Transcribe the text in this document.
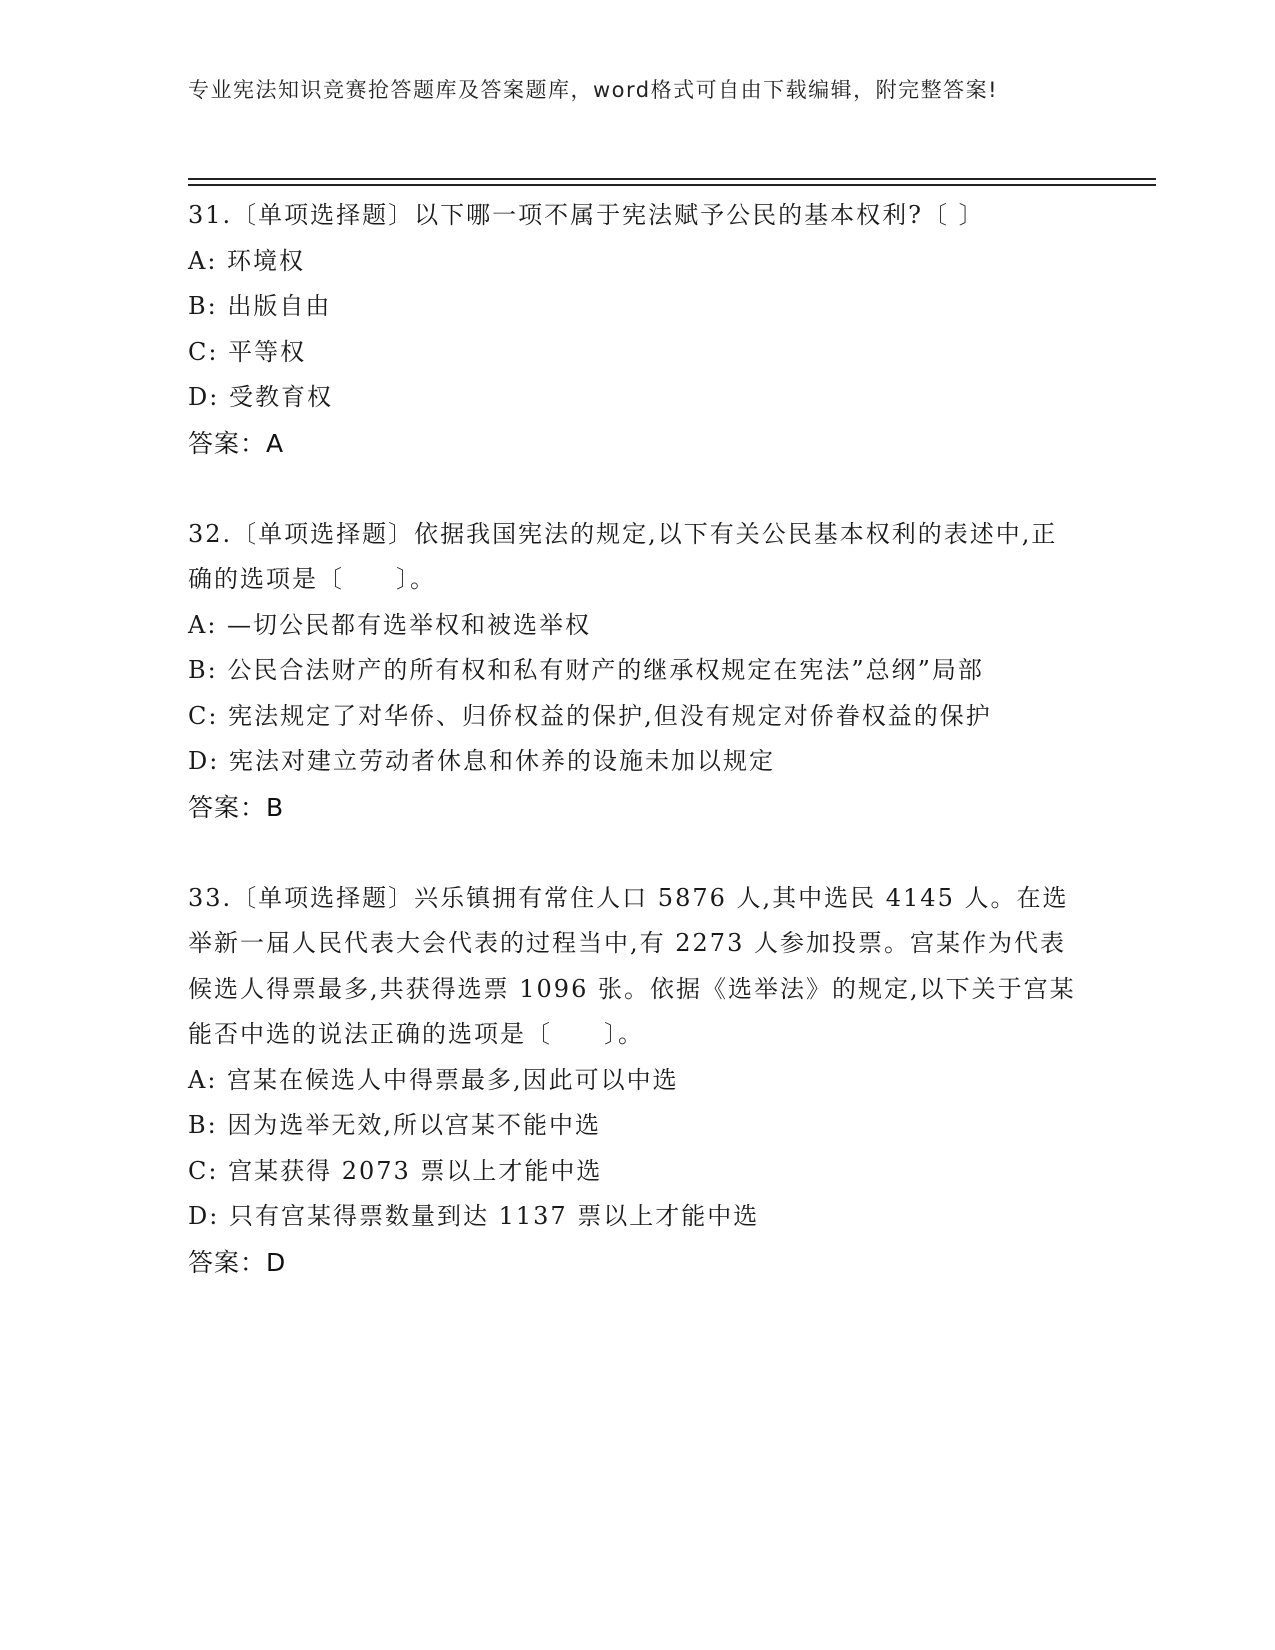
专业宪法知识竞赛抢答题库及答案题库，word格式可自由下载编辑，附完整答案!

31.〔单项选择题〕以下哪一项不属于宪法赋予公民的基本权利?〔 〕

A: 环境权

B: 出版自由

C: 平等权

D: 受教育权

答案：A

32.〔单项选择题〕依据我国宪法的规定,以下有关公民基本权利的表述中,正确的选项是〔　　〕。

A: —切公民都有选举权和被选举权

B: 公民合法财产的所有权和私有财产的继承权规定在宪法”总纲”局部

C: 宪法规定了对华侨、归侨权益的保护,但没有规定对侨眷权益的保护

D: 宪法对建立劳动者休息和休养的设施未加以规定

答案：B

33.〔单项选择题〕兴乐镇拥有常住人口 5876 人,其中选民 4145 人。在选举新一届人民代表大会代表的过程当中,有 2273 人参加投票。宫某作为代表候选人得票最多,共获得选票 1096 张。依据《选举法》的规定,以下关于宫某能否中选的说法正确的选项是〔　　〕。

A: 宫某在候选人中得票最多,因此可以中选

B: 因为选举无效,所以宫某不能中选

C: 宫某获得 2073 票以上才能中选

D: 只有宫某得票数量到达 1137 票以上才能中选

答案：D
